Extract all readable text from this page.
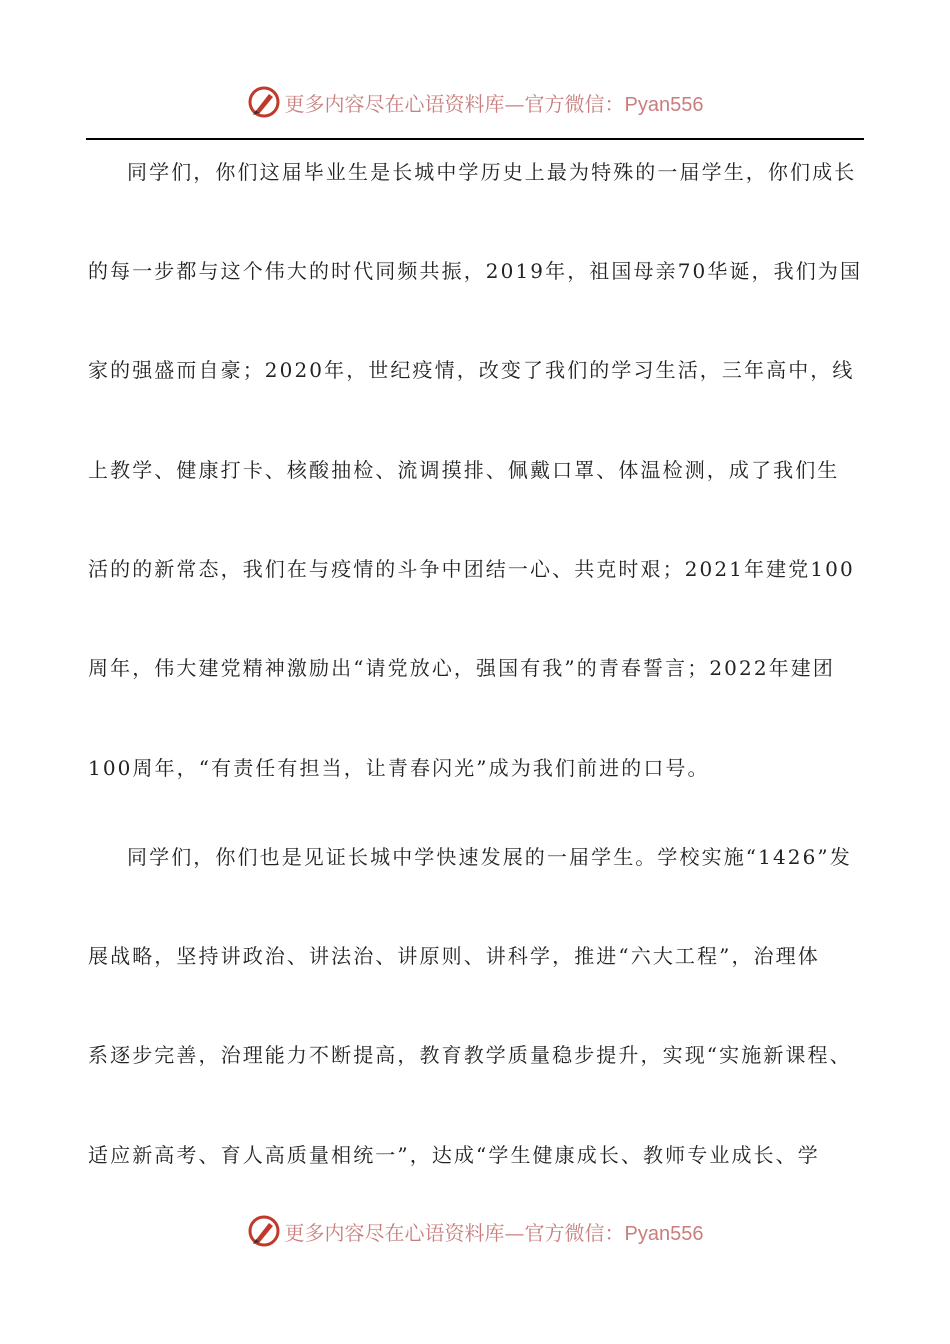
更多内容尽在心语资料库—官方微信：Pyan556
同学们，你们这届毕业生是长城中学历史上最为特殊的一届学生，你们成长
的每一步都与这个伟大的时代同频共振，2019年，祖国母亲70华诞，我们为国
家的强盛而自豪；2020年，世纪疫情，改变了我们的学习生活，三年高中，线
上教学、健康打卡、核酸抽检、流调摸排、佩戴口罩、体温检测，成了我们生
活的的新常态，我们在与疫情的斗争中团结一心、共克时艰；2021年建党100
周年，伟大建党精神激励出“请党放心，强国有我”的青春誓言；2022年建团
100周年，“有责任有担当，让青春闪光”成为我们前进的口号。
同学们，你们也是见证长城中学快速发展的一届学生。学校实施“1426”发
展战略，坚持讲政治、讲法治、讲原则、讲科学，推进“六大工程”，治理体
系逐步完善，治理能力不断提高，教育教学质量稳步提升，实现“实施新课程、
适应新高考、育人高质量相统一”，达成“学生健康成长、教师专业成长、学
更多内容尽在心语资料库—官方微信：Pyan556
